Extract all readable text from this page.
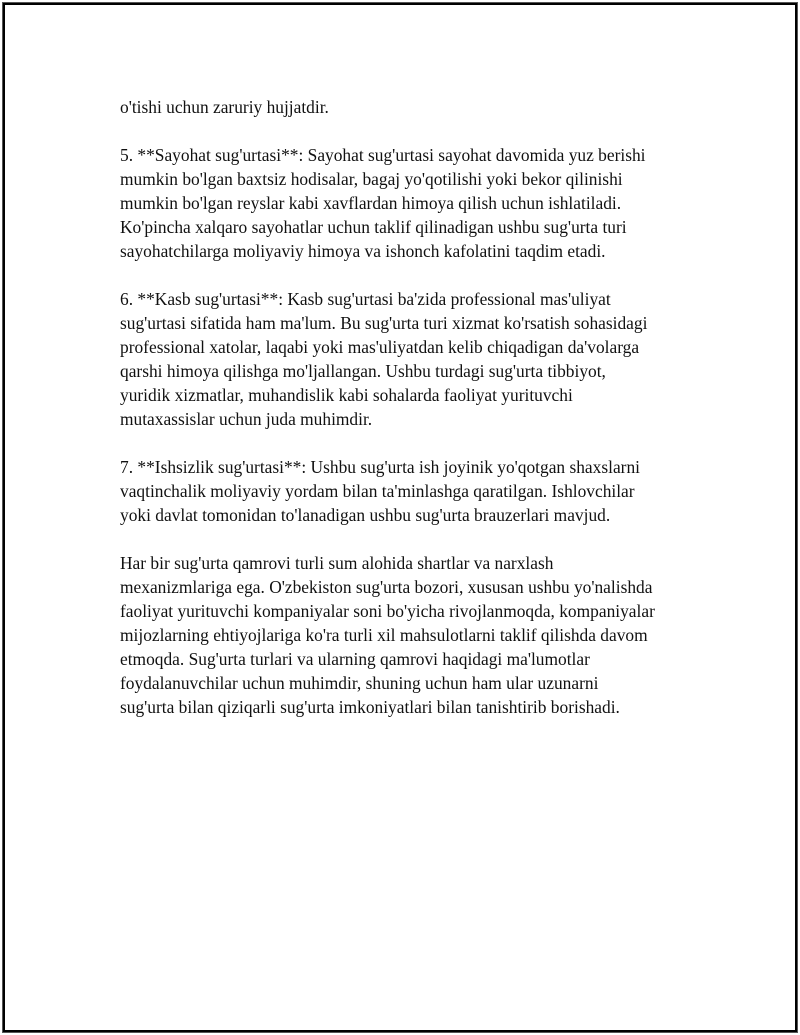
o'tishi uchun zaruriy hujjatdir.

5. **Sayohat sug'urtasi**: Sayohat sug'urtasi sayohat davomida yuz berishi
mumkin bo'lgan baxtsiz hodisalar, bagaj yo'qotilishi yoki bekor qilinishi
mumkin bo'lgan reyslar kabi xavflardan himoya qilish uchun ishlatiladi.
Ko'pincha xalqaro sayohatlar uchun taklif qilinadigan ushbu sug'urta turi
sayohatchilarga moliyaviy himoya va ishonch kafolatini taqdim etadi.

6. **Kasb sug'urtasi**: Kasb sug'urtasi ba'zida professional mas'uliyat
sug'urtasi sifatida ham ma'lum. Bu sug'urta turi xizmat ko'rsatish sohasidagi
professional xatolar, laqabi yoki mas'uliyatdan kelib chiqadigan da'volarga
qarshi himoya qilishga mo'ljallangan. Ushbu turdagi sug'urta tibbiyot,
yuridik xizmatlar, muhandislik kabi sohalarda faoliyat yurituvchi
mutaxassislar uchun juda muhimdir.

7. **Ishsizlik sug'urtasi**: Ushbu sug'urta ish joyinik yo'qotgan shaxslarni
vaqtinchalik moliyaviy yordam bilan ta'minlashga qaratilgan. Ishlovchilar
yoki davlat tomonidan to'lanadigan ushbu sug'urta brauzerlari mavjud.

Har bir sug'urta qamrovi turli sum alohida shartlar va narxlash
mexanizmlariga ega. O'zbekiston sug'urta bozori, xususan ushbu yo'nalishda
faoliyat yurituvchi kompaniyalar soni bo'yicha rivojlanmoqda, kompaniyalar
mijozlarning ehtiyojlariga ko'ra turli xil mahsulotlarni taklif qilishda davom
etmoqda. Sug'urta turlari va ularning qamrovi haqidagi ma'lumotlar
foydalanuvchilar uchun muhimdir, shuning uchun ham ular uzunarni
sug'urta bilan qiziqarli sug'urta imkoniyatlari bilan tanishtirib borishadi.
